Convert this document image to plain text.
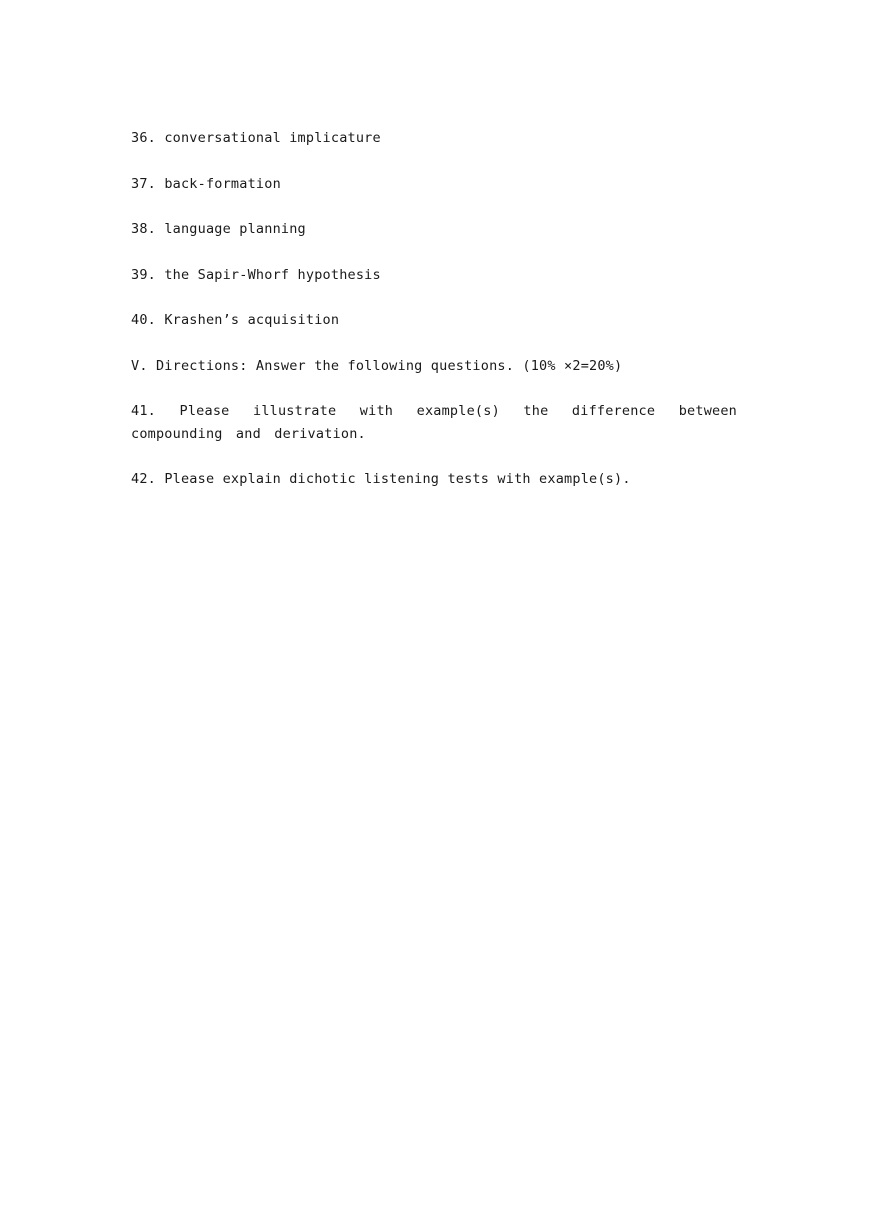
36. conversational implicature
37. back-formation
38. language planning
39. the Sapir-Whorf hypothesis
40. Krashen’s acquisition
V. Directions: Answer the following questions. (10% ×2=20%)
41. Please illustrate with example(s) the difference between compounding and derivation.
42. Please explain dichotic listening tests with example(s).
